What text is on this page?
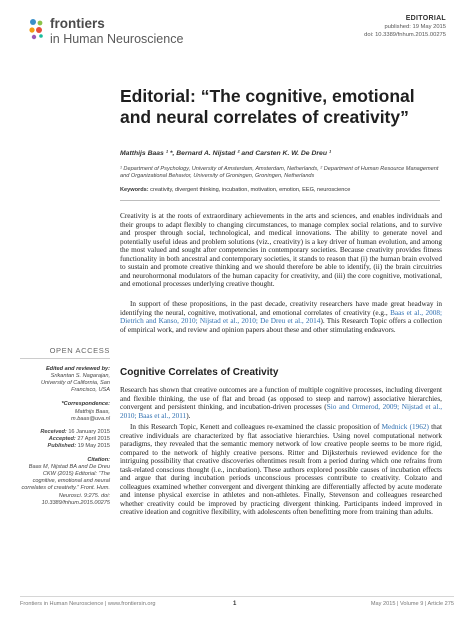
frontiers
in Human Neuroscience
EDITORIAL
published: 19 May 2015
doi: 10.3389/fnhum.2015.00275
Editorial: “The cognitive, emotional and neural correlates of creativity”
Matthijs Baas ¹ *, Bernard A. Nijstad ² and Carsten K. W. De Dreu ¹
¹ Department of Psychology, University of Amsterdam, Amsterdam, Netherlands, ² Department of Human Resource Management and Organizational Behavior, University of Groningen, Groningen, Netherlands
Keywords: creativity, divergent thinking, incubation, motivation, emotion, EEG, neuroscience
Creativity is at the roots of extraordinary achievements in the arts and sciences, and enables individuals and their groups to adapt flexibly to changing circumstances, to manage complex social relations, and to survive and prosper through social, technological, and medical innovations. The ability to generate novel and potentially useful ideas and problem solutions (viz., creativity) is a key driver of human evolution, and among the most valued and sought after competencies in contemporary societies. Because creativity provides fitness functionality in both ancestral and contemporary societies, it stands to reason that (i) the human brain evolved to sustain and promote creative thinking and we should therefore be able to identify, (ii) the brain circuitries and neurohormonal modulators of the human capacity for creativity, and (iii) the core cognitive, motivational, and emotional processes underlying creative thought.
In support of these propositions, in the past decade, creativity researchers have made great headway in identifying the neural, cognitive, motivational, and emotional correlates of creativity (e.g., Baas et al., 2008; Dietrich and Kanso, 2010; Nijstad et al., 2010; De Dreu et al., 2014). This Research Topic offers a collection of empirical work, and review and opinion papers about these and other stimulating endeavors.
Cognitive Correlates of Creativity
Research has shown that creative outcomes are a function of multiple cognitive processes, including divergent and flexible thinking, the use of flat and broad (as opposed to steep and narrow) associative hierarchies, convergent and persistent thinking, and incubation-driven processes (Sio and Ormerod, 2009; Nijstad et al., 2010; Baas et al., 2011).
In this Research Topic, Kenett and colleagues re-examined the classic proposition of Mednick (1962) that creative individuals are characterized by flat associative hierarchies. Using novel computational network paradigms, they revealed that the semantic memory network of low creative people seems to be more rigid, compared to the network of highly creative persons. Ritter and Dijksterhuis reviewed evidence for the intriguing possibility that creative discoveries oftentimes result from a period during which one refrains from task-related conscious thought (i.e., incubation). These authors explored possible causes of incubation effects and argue that during incubation periods unconscious processes contribute to creativity. Colzato and colleagues examined whether convergent and divergent thinking are differentially affected by acute moderate and intense physical exercise in athletes and non-athletes. Finally, Stevenson and colleagues researched whether creativity could be improved by practicing divergent thinking. Participants indeed improved in creative ideation and cognitive flexibility, with adolescents often benefitting more from training than adults.
OPEN ACCESS
Edited and reviewed by:
Srikantan S. Nagarajan,
University of California, San Francisco, USA
*Correspondence:
Matthijs Baas,
m.baas@uva.nl
Received: 16 January 2015
Accepted: 27 April 2015
Published: 19 May 2015
Citation:
Baas M, Nijstad BA and De Dreu CKW (2015) Editorial: “The cognitive, emotional and neural correlates of creativity.” Front. Hum. Neurosci. 9:275. doi: 10.3389/fnhum.2015.00275
Frontiers in Human Neuroscience | www.frontiersin.org	1	May 2015 | Volume 9 | Article 275
